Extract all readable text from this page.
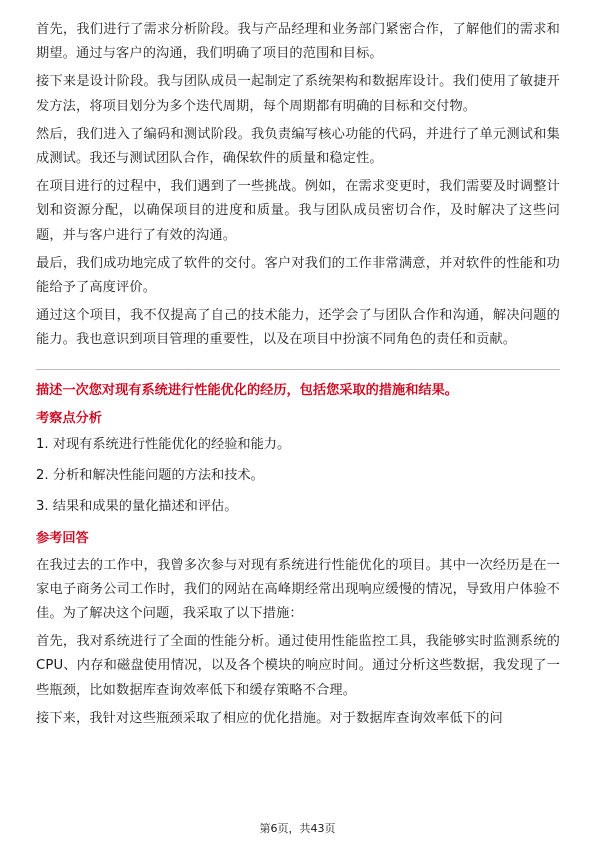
首先，我们进行了需求分析阶段。我与产品经理和业务部门紧密合作，了解他们的需求和期望。通过与客户的沟通，我们明确了项目的范围和目标。

接下来是设计阶段。我与团队成员一起制定了系统架构和数据库设计。我们使用了敏捷开发方法，将项目划分为多个迭代周期，每个周期都有明确的目标和交付物。

然后，我们进入了编码和测试阶段。我负责编写核心功能的代码，并进行了单元测试和集成测试。我还与测试团队合作，确保软件的质量和稳定性。

在项目进行的过程中，我们遇到了一些挑战。例如，在需求变更时，我们需要及时调整计划和资源分配，以确保项目的进度和质量。我与团队成员密切合作，及时解决了这些问题，并与客户进行了有效的沟通。

最后，我们成功地完成了软件的交付。客户对我们的工作非常满意，并对软件的性能和功能给予了高度评价。

通过这个项目，我不仅提高了自己的技术能力，还学会了与团队合作和沟通，解决问题的能力。我也意识到项目管理的重要性，以及在项目中扮演不同角色的责任和贡献。

描述一次您对现有系统进行性能优化的经历，包括您采取的措施和结果。
考察点分析
1. 对现有系统进行性能优化的经验和能力。
2. 分析和解决性能问题的方法和技术。
3. 结果和成果的量化描述和评估。
参考回答

在我过去的工作中，我曾多次参与对现有系统进行性能优化的项目。其中一次经历是在一家电子商务公司工作时，我们的网站在高峰期经常出现响应缓慢的情况，导致用户体验不佳。为了解决这个问题，我采取了以下措施：

首先，我对系统进行了全面的性能分析。通过使用性能监控工具，我能够实时监测系统的CPU、内存和磁盘使用情况，以及各个模块的响应时间。通过分析这些数据，我发现了一些瓶颈，比如数据库查询效率低下和缓存策略不合理。

接下来，我针对这些瓶颈采取了相应的优化措施。对于数据库查询效率低下的问

第6页，共43页
